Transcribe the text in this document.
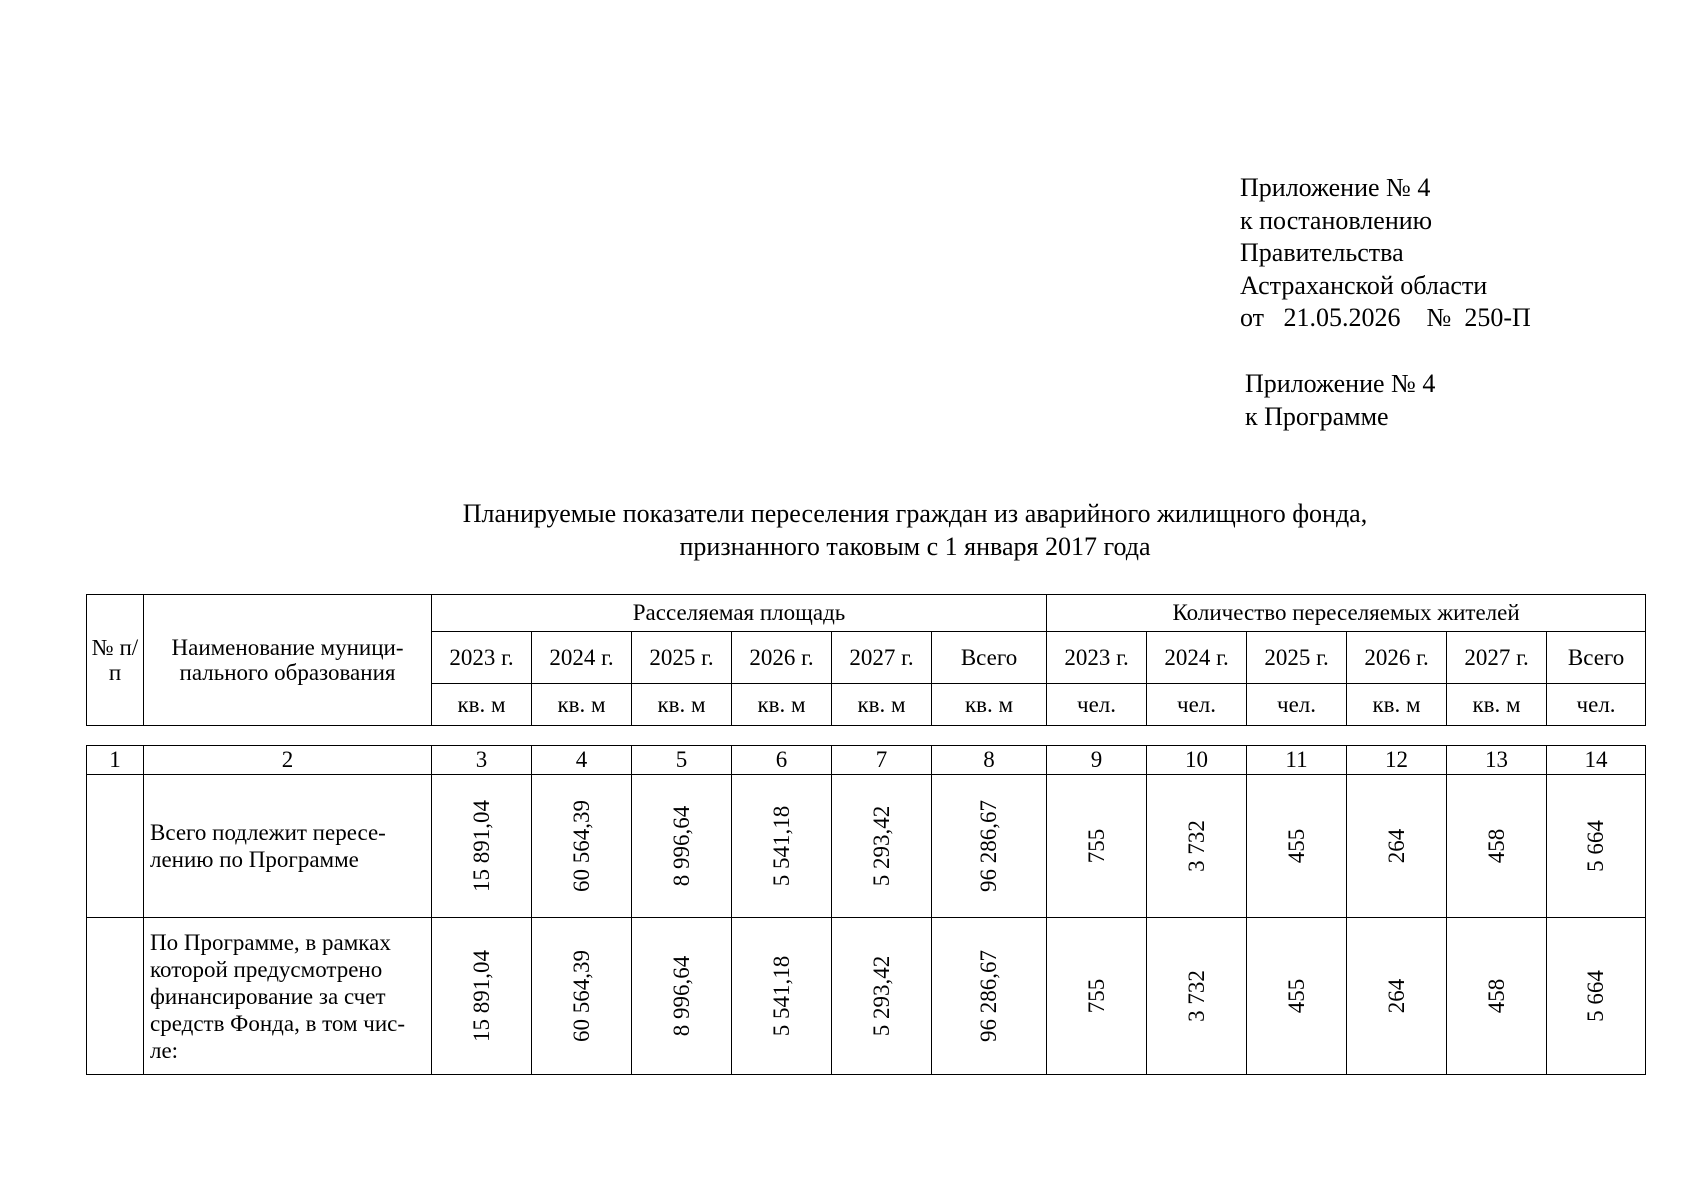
Приложение № 4
к постановлению
Правительства
Астраханской области
от   21.05.2026    №  250-П
Приложение № 4
к Программе
Планируемые показатели переселения граждан из аварийного жилищного фонда,
признанного таковым с 1 января 2017 года
№ п/п	Наименование муници-пального образования	Расселяемая площадь						Количество переселяемых жителей					
		2023 г.	2024 г.	2025 г.	2026 г.	2027 г.	Всего	2023 г.	2024 г.	2025 г.	2026 г.	2027 г.	Всего
		кв. м	кв. м	кв. м	кв. м	кв. м	кв. м	чел.	чел.	чел.	кв. м	кв. м	чел.
1	2	3	4	5	6	7	8	9	10	11	12	13	14
	Всего подлежит пересе-лению по Программе	15 891,04	60 564,39	8 996,64	5 541,18	5 293,42	96 286,67	755	3 732	455	264	458	5 664

	По Программе, в рамках которой предусмотрено финансирование за счет средств Фонда, в том чис-ле:	15 891,04	60 564,39	8 996,64	5 541,18	5 293,42	96 286,67	755	3 732	455	264	458	5 664
